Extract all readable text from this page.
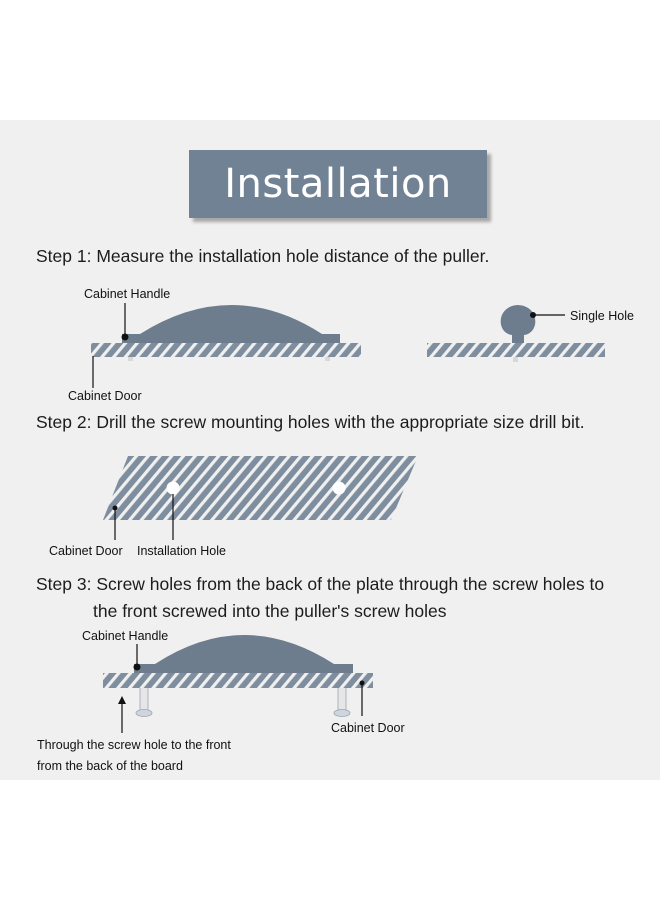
Installation
Step 1: Measure the installation hole distance of the puller.
Step 2: Drill the screw mounting holes with the appropriate size drill bit.
Step 3: Screw holes from the back of the plate through the screw holes to
the front screwed into the puller's screw holes
Cabinet Handle
Cabinet Door
Single Hole
Cabinet Door Installation Hole
Cabinet Handle
Cabinet Door
Through the screw hole to the front
from the back of the board
